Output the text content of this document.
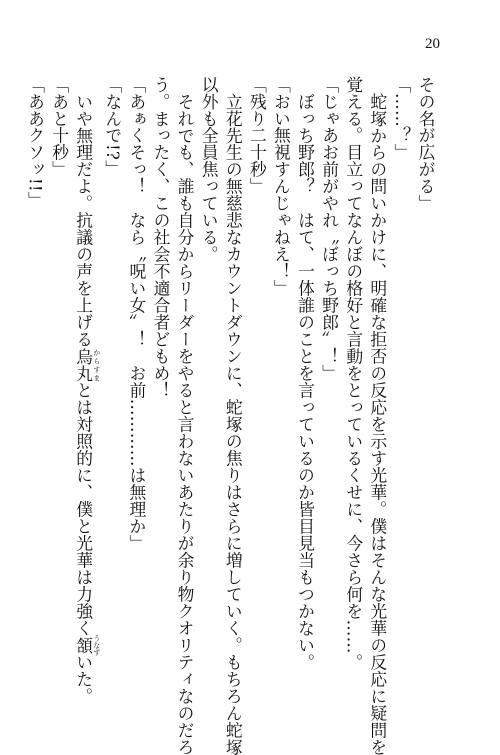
20
その名が広がる」
「……？」
蛇塚からの問いかけに、明確な拒否の反応を示す光華。僕はそんな光華の反応に疑問を
覚える。目立ってなんぼの格好と言動をとっているくせに、今さら何を……。
「じゃあお前がやれ〝ぼっち野郎〟！」
ぼっち野郎？　はて、一体誰のことを言っているのか皆目見当もつかない。
「おい無視すんじゃねえ！」
「残り二十秒」
立花先生の無慈悲なカウントダウンに、蛇塚の焦りはさらに増していく。もちろん蛇塚
以外も全員焦っている。
それでも、誰も自分からリーダーをやると言わないあたりが余り物クオリティなのだろ
う。まったく、この社会不適合者どもめ！
「あぁくそっ！　なら〝呪い女〟！　お前…………は無理か」
「なんで!?」
いや無理だよ。抗議の声を上げる烏丸 からすまとは対照的に、僕と光華は力強く頷 うなずいた。
「あと十秒」
「ああクソッ!!」
